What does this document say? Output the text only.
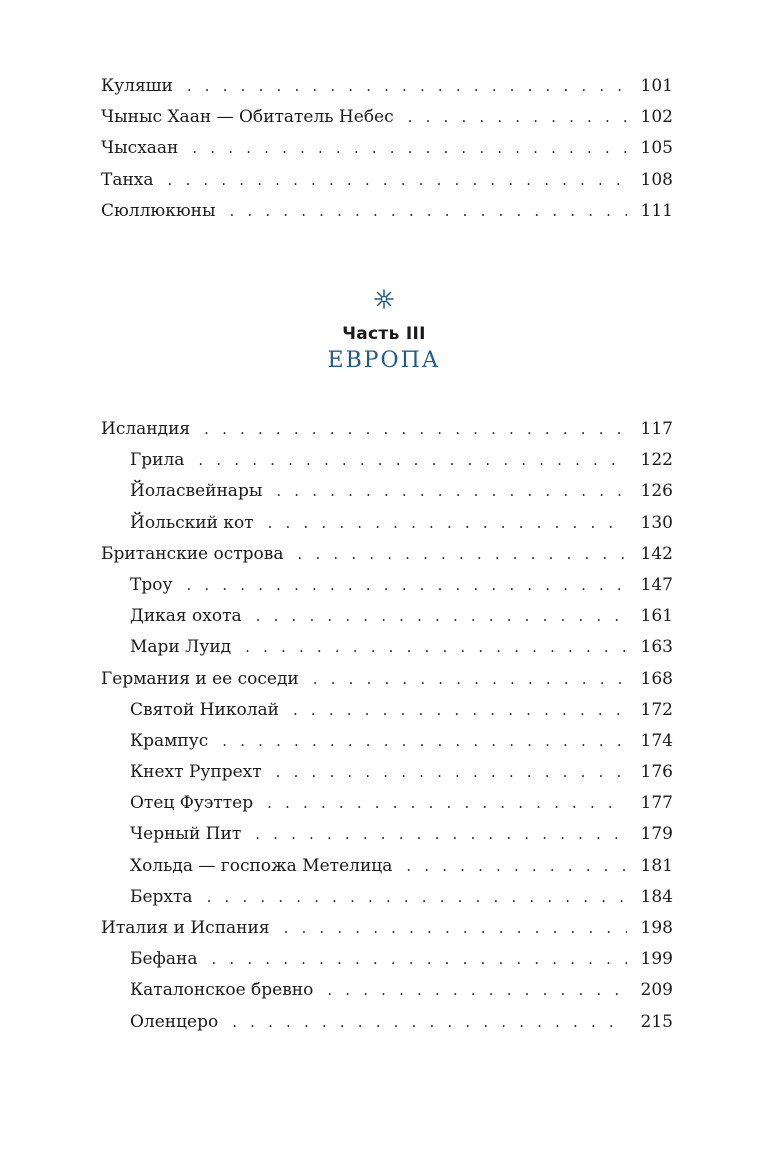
Куляши . . .	101
Чыныс Хаан — Обитатель Небес . . .	102
Чысхаан . . .	105
Танха . . .	108
Сюллюкюны . . .	111
Часть III
ЕВРОПА
Исландия . . .	117
Грила . . .	122
Йоласвейнары . . .	126
Йольский кот . . .	130
Британские острова . . .	142
Троу . . .	147
Дикая охота . . .	161
Мари Луид . . .	163
Германия и ее соседи . . .	168
Святой Николай . . .	172
Крампус . . .	174
Кнехт Рупрехт . . .	176
Отец Фуэттер . . .	177
Черный Пит . . .	179
Хольда — госпожа Метелица . . .	181
Берхта . . .	184
Италия и Испания . . .	198
Бефана . . .	199
Каталонское бревно . . .	209
Оленцеро . . .	215
